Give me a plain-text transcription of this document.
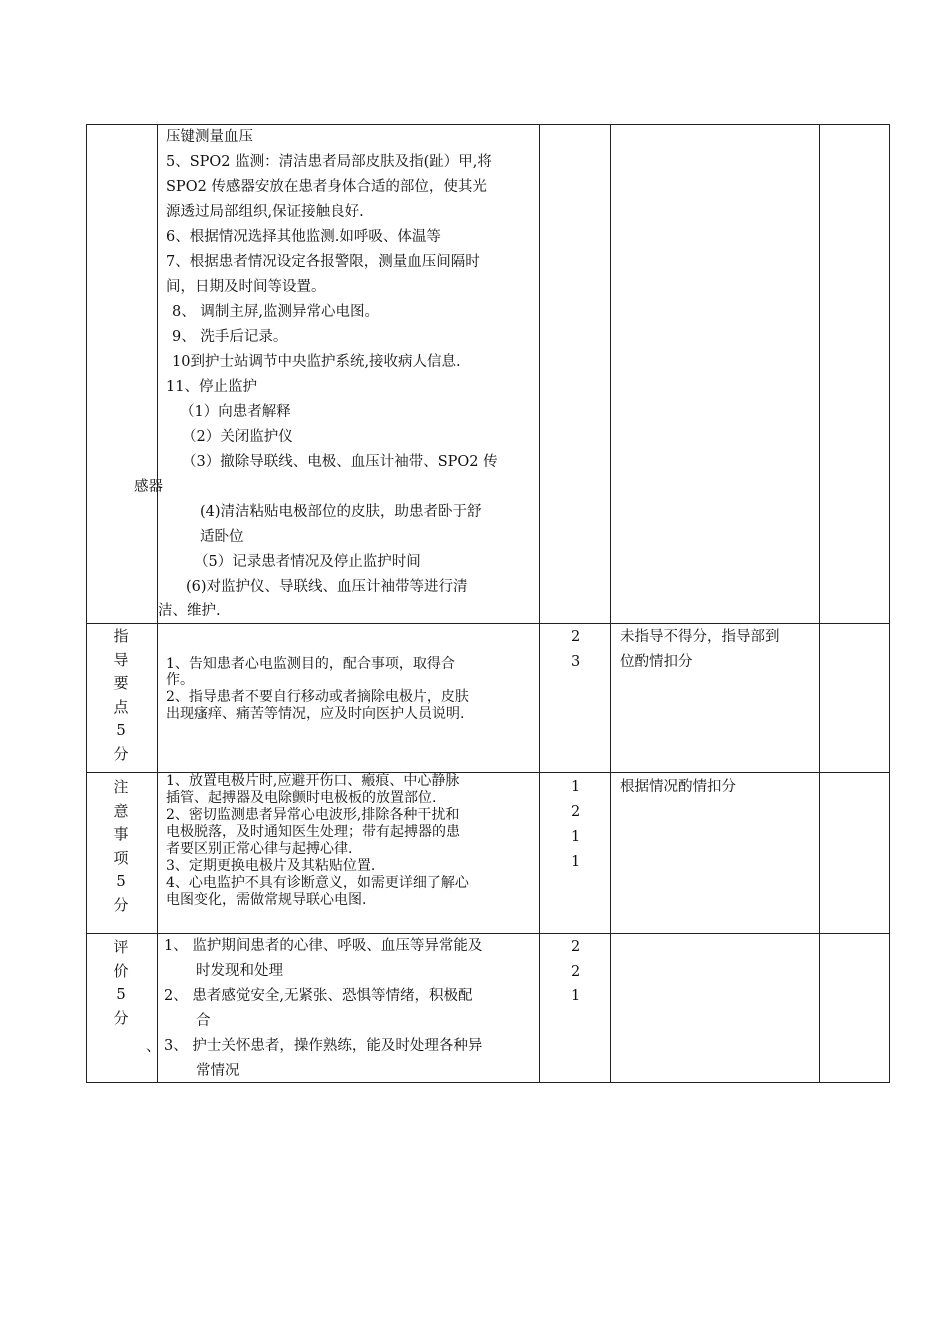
压键测量血压
5、SPO2 监测：清洁患者局部皮肤及指(趾）甲,将
SPO2 传感器安放在患者身体合适的部位，使其光
源透过局部组织,保证接触良好.
6、根据情况选择其他监测.如呼吸、体温等
7、根据患者情况设定各报警限，测量血压间隔时
间，日期及时间等设置。
8、 调制主屏,监测异常心电图。
9、 洗手后记录。
10到护士站调节中央监护系统,接收病人信息.
11、停止监护
（1）向患者解释
（2）关闭监护仪
（3）撤除导联线、电极、血压计袖带、SPO2 传
感器
(4)清洁粘贴电极部位的皮肤，助患者卧于舒
适卧位
（5）记录患者情况及停止监护时间
(6)对监护仪、导联线、血压计袖带等进行清
洁、维护.
指
导
要
点
5
分
1、告知患者心电监测目的，配合事项，取得合
作。
2、指导患者不要自行移动或者摘除电极片，皮肤
出现瘙痒、痛苦等情况，应及时向医护人员说明.
2
3
未指导不得分，指导部到
位酌情扣分
注
意
事
项
5
分
1、放置电极片时,应避开伤口、瘢痕、中心静脉
插管、起搏器及电除颤时电极板的放置部位.
2、密切监测患者异常心电波形,排除各种干扰和
电极脱落，及时通知医生处理；带有起搏器的患
者要区别正常心律与起搏心律.
3、定期更换电极片及其粘贴位置.
4、心电监护不具有诊断意义，如需更详细了解心
电图变化，需做常规导联心电图.
1
2
1
1
根据情况酌情扣分
评
价
5
分
、
1、 监护期间患者的心律、呼吸、血压等异常能及
时发现和处理
2、 患者感觉安全,无紧张、恐惧等情绪，积极配
合
3、 护士关怀患者，操作熟练，能及时处理各种异
常情况
2
2
1
